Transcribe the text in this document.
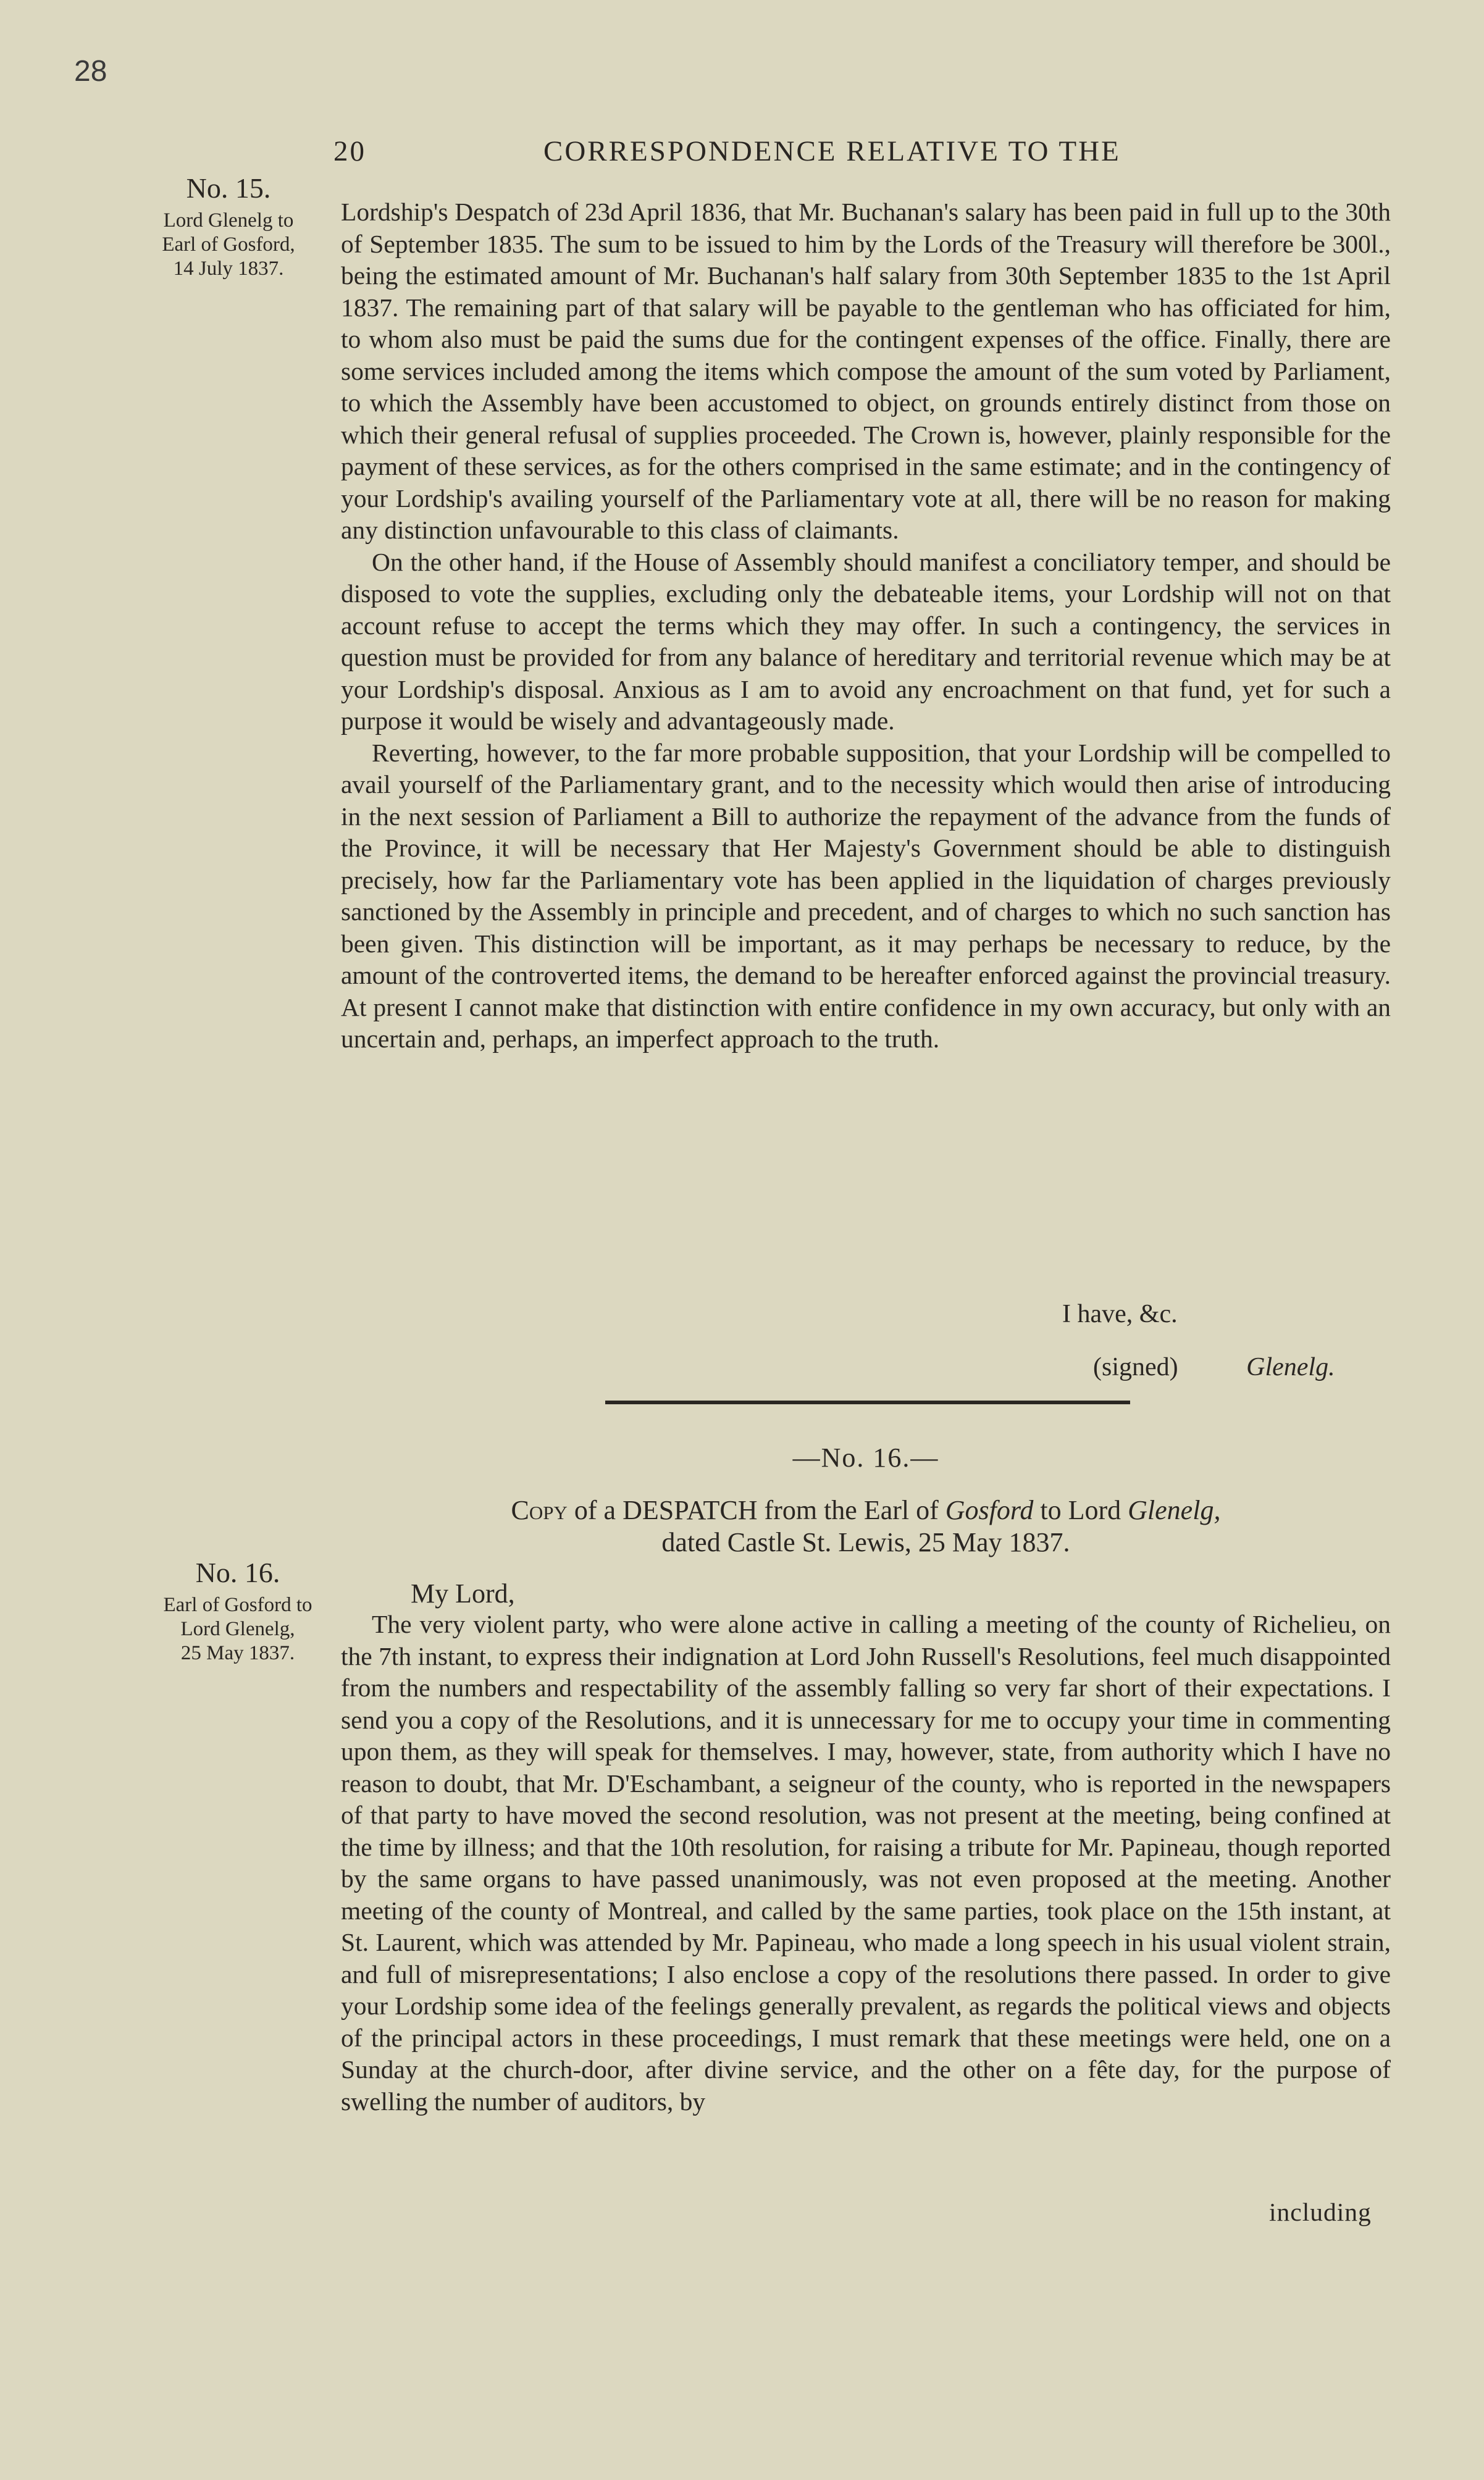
28
20	CORRESPONDENCE RELATIVE TO THE
No. 15.
Lord Glenelg to
Earl of Gosford,
14 July 1837.

Lordship's Despatch of 23d April 1836, that Mr. Buchanan's salary has been paid in full up to the 30th of September 1835. The sum to be issued to him by the Lords of the Treasury will therefore be 300l., being the estimated amount of Mr. Buchanan's half salary from 30th September 1835 to the 1st April 1837. The remaining part of that salary will be payable to the gentleman who has officiated for him, to whom also must be paid the sums due for the contingent expenses of the office. Finally, there are some services included among the items which compose the amount of the sum voted by Parliament, to which the Assembly have been accustomed to object, on grounds entirely distinct from those on which their general refusal of supplies proceeded. The Crown is, however, plainly responsible for the payment of these services, as for the others comprised in the same estimate; and in the contingency of your Lordship's availing yourself of the Parliamentary vote at all, there will be no reason for making any distinction unfavourable to this class of claimants.

On the other hand, if the House of Assembly should manifest a conciliatory temper, and should be disposed to vote the supplies, excluding only the debateable items, your Lordship will not on that account refuse to accept the terms which they may offer. In such a contingency, the services in question must be provided for from any balance of hereditary and territorial revenue which may be at your Lordship's disposal. Anxious as I am to avoid any encroachment on that fund, yet for such a purpose it would be wisely and advantageously made.

Reverting, however, to the far more probable supposition, that your Lordship will be compelled to avail yourself of the Parliamentary grant, and to the necessity which would then arise of introducing in the next session of Parliament a Bill to authorize the repayment of the advance from the funds of the Province, it will be necessary that Her Majesty's Government should be able to distinguish precisely, how far the Parliamentary vote has been applied in the liquidation of charges previously sanctioned by the Assembly in principle and precedent, and of charges to which no such sanction has been given. This distinction will be important, as it may perhaps be necessary to reduce, by the amount of the controverted items, the demand to be hereafter enforced against the provincial treasury. At present I cannot make that distinction with entire confidence in my own accuracy, but only with an uncertain and, perhaps, an imperfect approach to the truth.

I have, &c.
(signed)	Glenelg.
—No. 16.—
Copy of a DESPATCH from the Earl of Gosford to Lord Glenelg,
dated Castle St. Lewis, 25 May 1837.
No. 16.
Earl of Gosford to
Lord Glenelg,
25 May 1837.
My Lord,

The very violent party, who were alone active in calling a meeting of the county of Richelieu, on the 7th instant, to express their indignation at Lord John Russell's Resolutions, feel much disappointed from the numbers and respectability of the assembly falling so very far short of their expectations. I send you a copy of the Resolutions, and it is unnecessary for me to occupy your time in commenting upon them, as they will speak for themselves. I may, however, state, from authority which I have no reason to doubt, that Mr. D'Eschambant, a seigneur of the county, who is reported in the newspapers of that party to have moved the second resolution, was not present at the meeting, being confined at the time by illness; and that the 10th resolution, for raising a tribute for Mr. Papineau, though reported by the same organs to have passed unanimously, was not even proposed at the meeting. Another meeting of the county of Montreal, and called by the same parties, took place on the 15th instant, at St. Laurent, which was attended by Mr. Papineau, who made a long speech in his usual violent strain, and full of misrepresentations; I also enclose a copy of the resolutions there passed. In order to give your Lordship some idea of the feelings generally prevalent, as regards the political views and objects of the principal actors in these proceedings, I must remark that these meetings were held, one on a Sunday at the church-door, after divine service, and the other on a fête day, for the purpose of swelling the number of auditors, by

including
